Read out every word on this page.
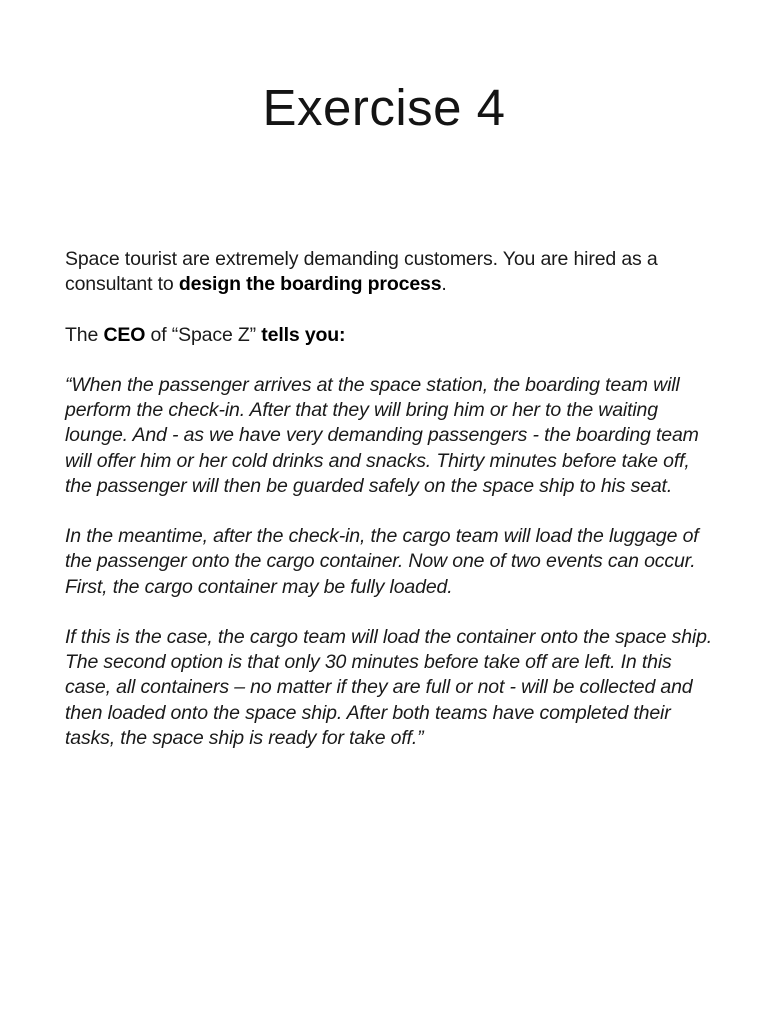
Exercise 4

Space tourist are extremely demanding customers. You are hired as a consultant to design the boarding process.

The CEO of “Space Z” tells you:

“When the passenger arrives at the space station, the boarding team will perform the check-in. After that they will bring him or her to the waiting lounge. And - as we have very demanding passengers - the boarding team will offer him or her cold drinks and snacks. Thirty minutes before take off, the passenger will then be guarded safely on the space ship to his seat.

In the meantime, after the check-in, the cargo team will load the luggage of the passenger onto the cargo container. Now one of two events can occur. First, the cargo container may be fully loaded.

If this is the case, the cargo team will load the container onto the space ship. The second option is that only 30 minutes before take off are left. In this case, all containers – no matter if they are full or not - will be collected and then loaded onto the space ship. After both teams have completed their tasks, the space ship is ready for take off.”
